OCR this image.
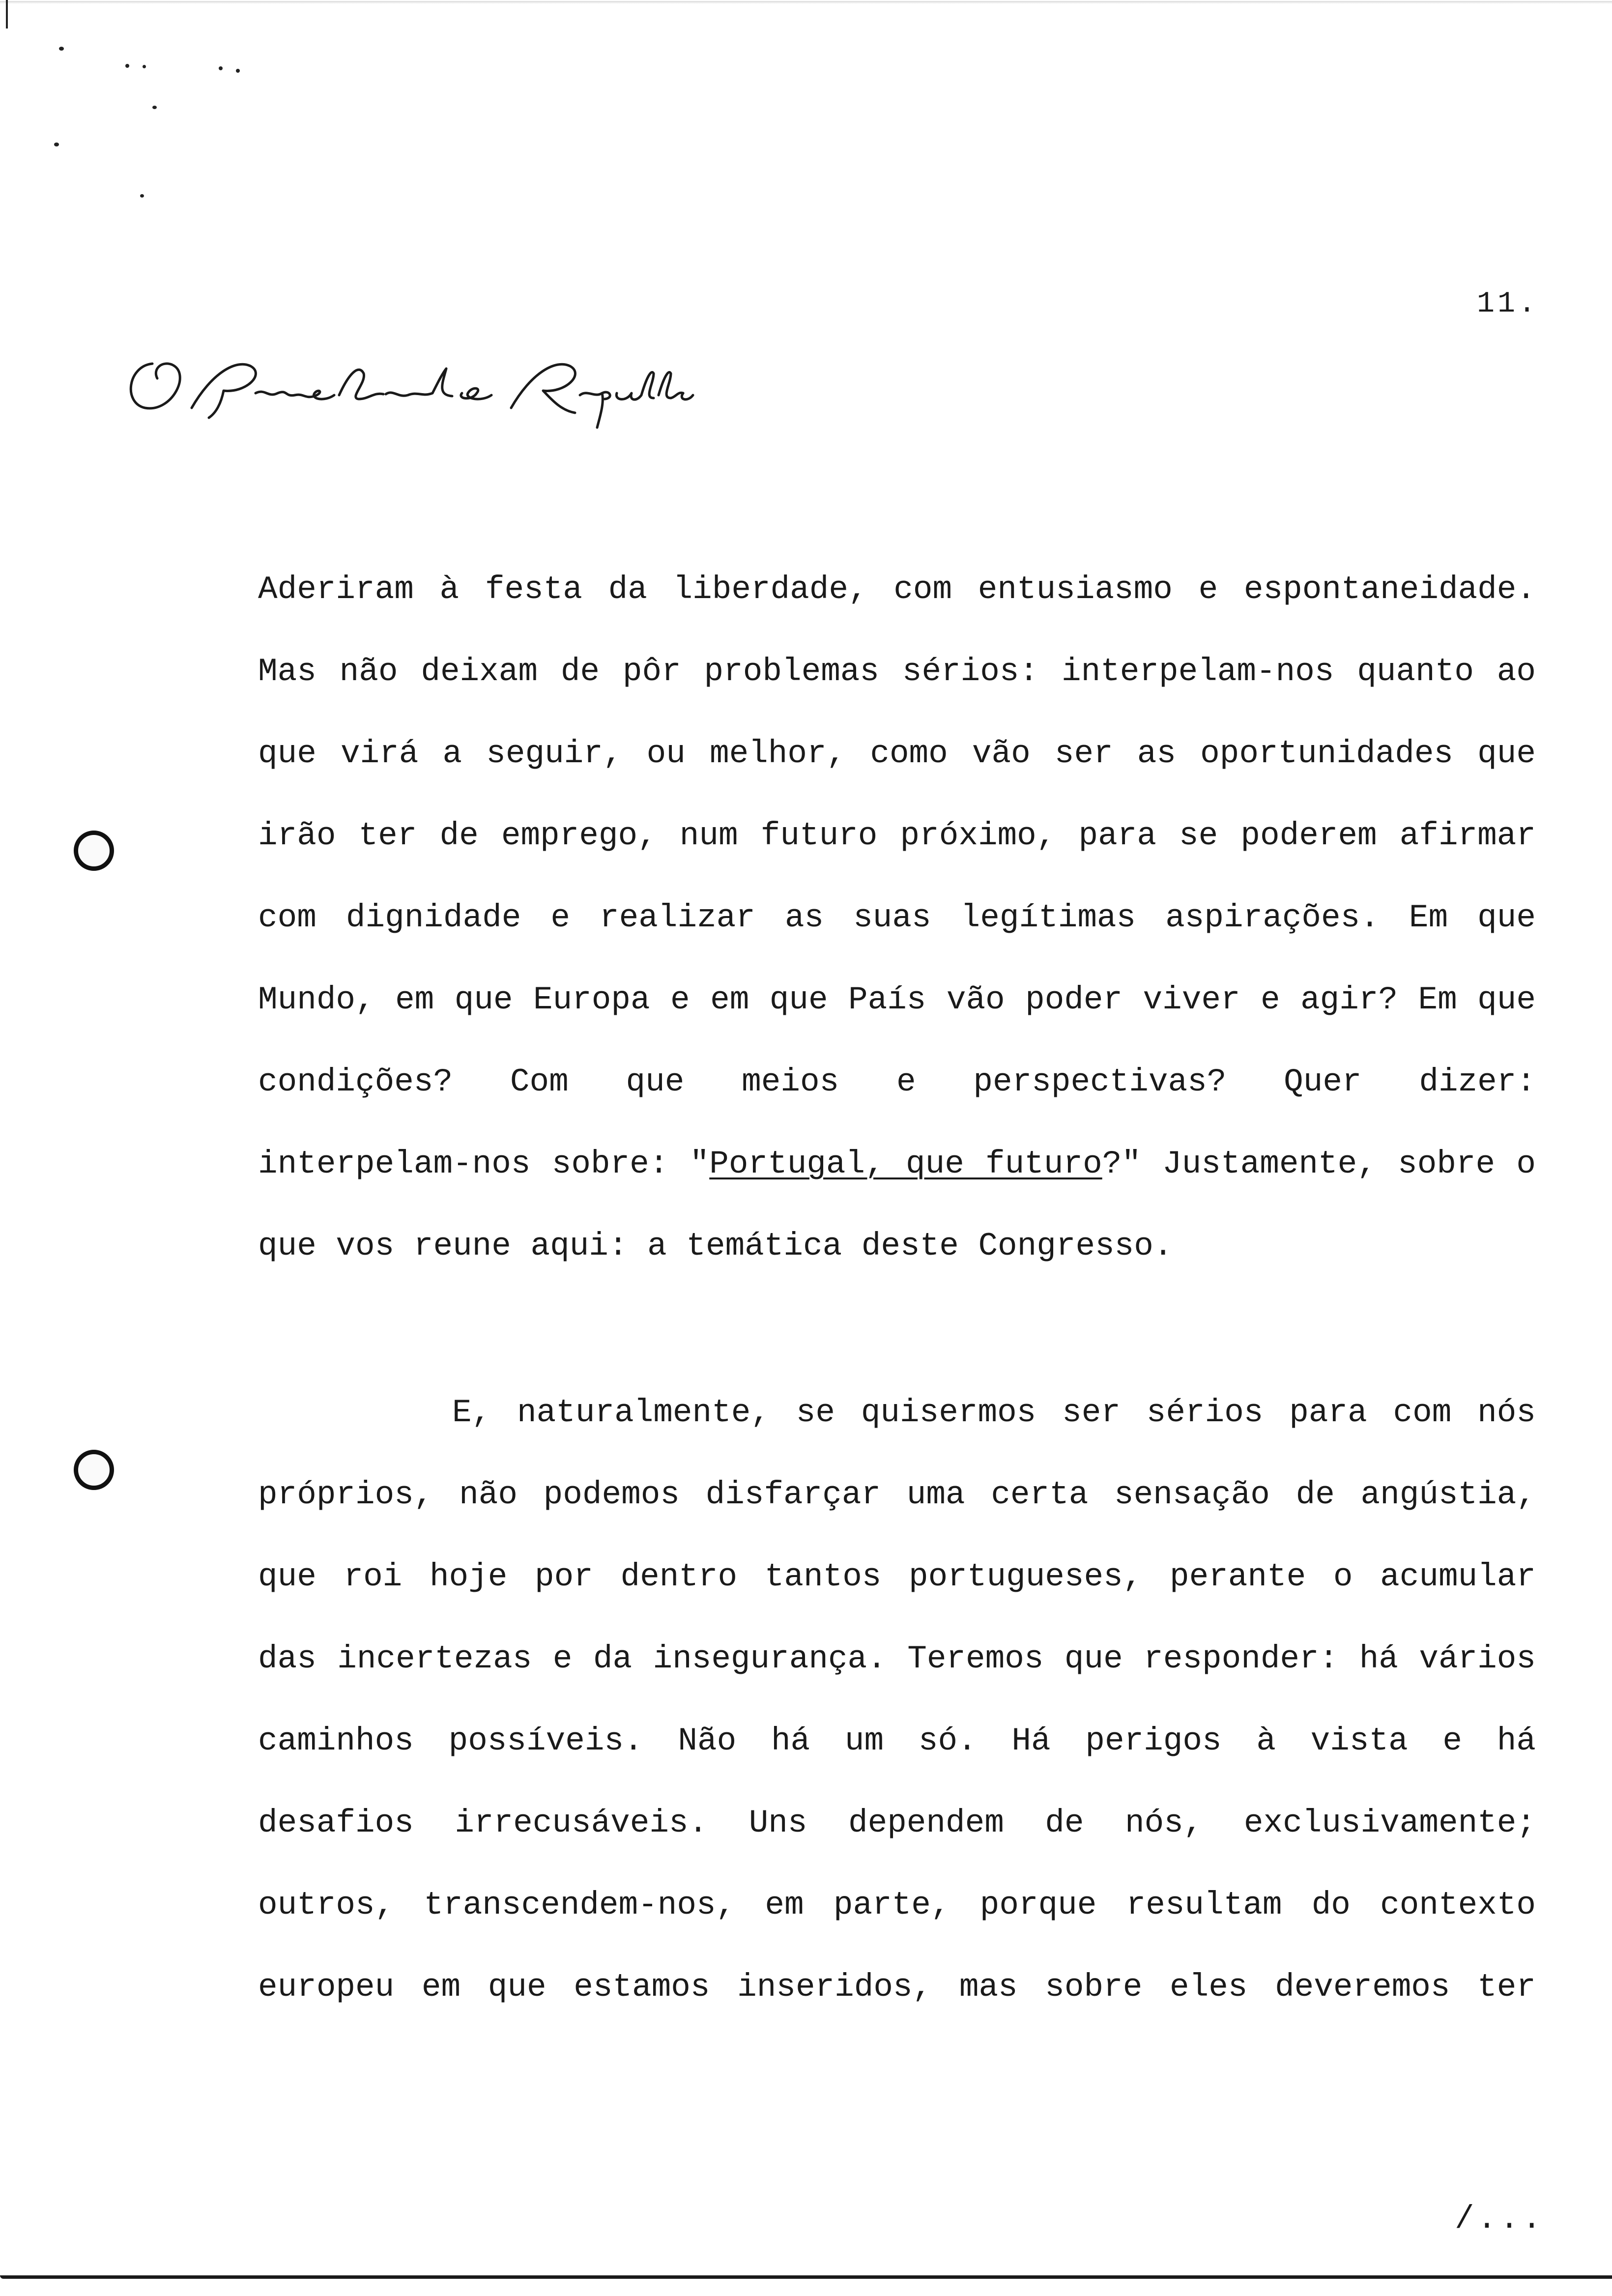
11.
O Presidente da República
Aderiram à festa da liberdade, com entusiasmo e espontaneidade.
Mas não deixam de pôr problemas sérios: interpelam-nos quanto ao
que virá a seguir, ou melhor, como vão ser as oportunidades que
irão ter de emprego, num futuro próximo, para se poderem afirmar
com dignidade e realizar as suas legítimas aspirações. Em que
Mundo, em que Europa e em que País vão poder viver e agir? Em que
condições? Com que meios e perspectivas? Quer dizer:
interpelam-nos sobre: "Portugal, que futuro?" Justamente, sobre o
que vos reune aqui: a temática deste Congresso.
E, naturalmente, se quisermos ser sérios para com nós
próprios, não podemos disfarçar uma certa sensação de angústia,
que roi hoje por dentro tantos portugueses, perante o acumular
das incertezas e da insegurança. Teremos que responder: há vários
caminhos possíveis. Não há um só. Há perigos à vista e há
desafios irrecusáveis. Uns dependem de nós, exclusivamente;
outros, transcendem-nos, em parte, porque resultam do contexto
europeu em que estamos inseridos, mas sobre eles deveremos ter
/...
